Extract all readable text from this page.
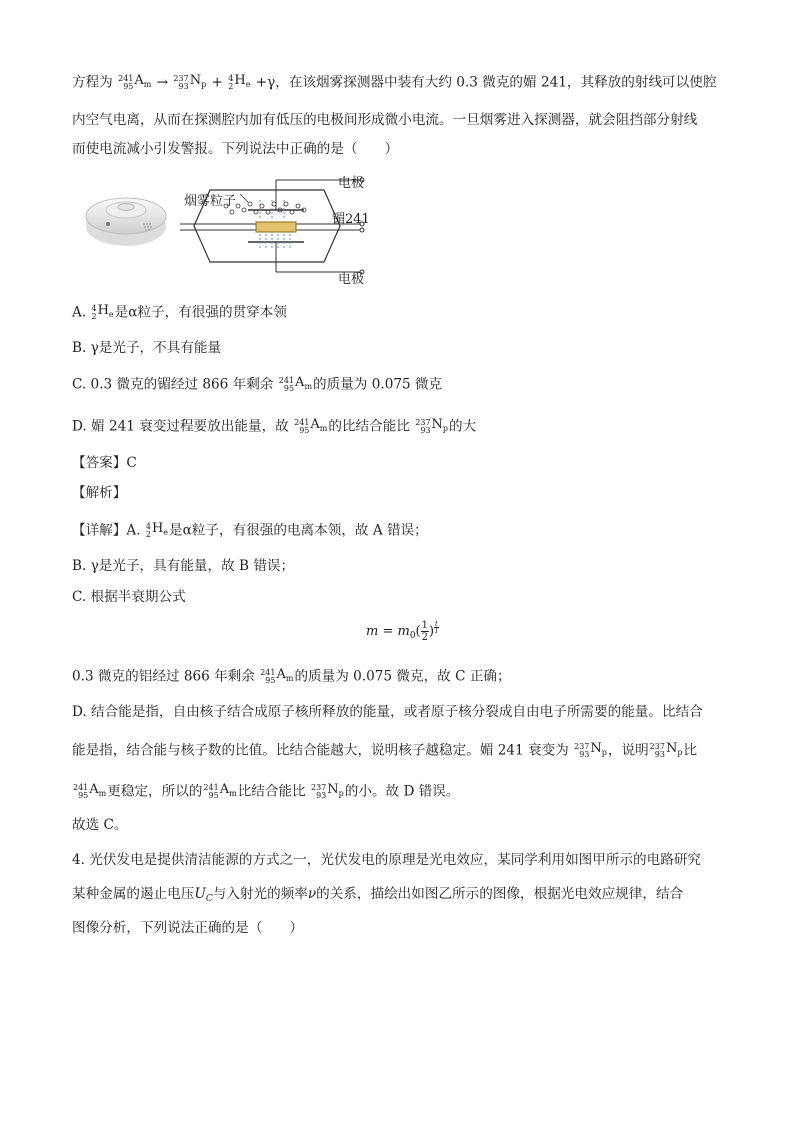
方程为 241
95 $A_m \to 237$
93 $N_p + 4$
2 $H_e +\gamma$，在该烟雾探测器中装有大约 0.3 微克的媚 241，其释放的射线可以使腔
内空气电离，从而在探测腔内加有低压的电极间形成微小电流。一旦烟雾进入探测器，就会阻挡部分射线
而使电流减小引发警报。下列说法中正确的是（　　）
电极
烟雾粒子
镅241
电极
A. 4
2 $H_e$是α粒子，有很强的贯穿本领
B. γ是光子，不具有能量
C. 0.3 微克的镅经过 866 年剩余 241
95 $A_m$的质量为 0.075 微克
D. 媚 241 衰变过程要放出能量，故 241
95 $A_m$的比结合能比 237
93 $N_p$的大
【答案】C
【解析】
【详解】A. 4
2 $H_e$是α粒子，有很强的电离本领，故 A 错误；
B. γ是光子，具有能量，故 B 错误；
C. 根据半衰期公式
$m = m_0( \frac{1}{2}$ ) $\frac{t}{T}$
0.3 微克的铝经过 866 年剩余 241
95 $A_m$的质量为 0.075 微克，故 C 正确；
D. 结合能是指，自由核子结合成原子核所释放的能量，或者原子核分裂成自由电子所需要的能量。比结合
能是指，结合能与核子数的比值。比结合能越大，说明核子越稳定。媚 241 衰变为 237
93 $N_p$，说明 237
93 $N_p$比
241
95 $A_m$更稳定，所以的 241
95 $A_m$比结合能比 237
93 $N_p$的小。故 D 错误。
故选 C。
4. 光伏发电是提供清洁能源的方式之一，光伏发电的原理是光电效应，某同学利用如图甲所示的电路研究
某种金属的遏止电压$U_C$与入射光的频率ν的关系，描绘出如图乙所示的图像，根据光电效应规律，结合
图像分析，下列说法正确的是（　　）
